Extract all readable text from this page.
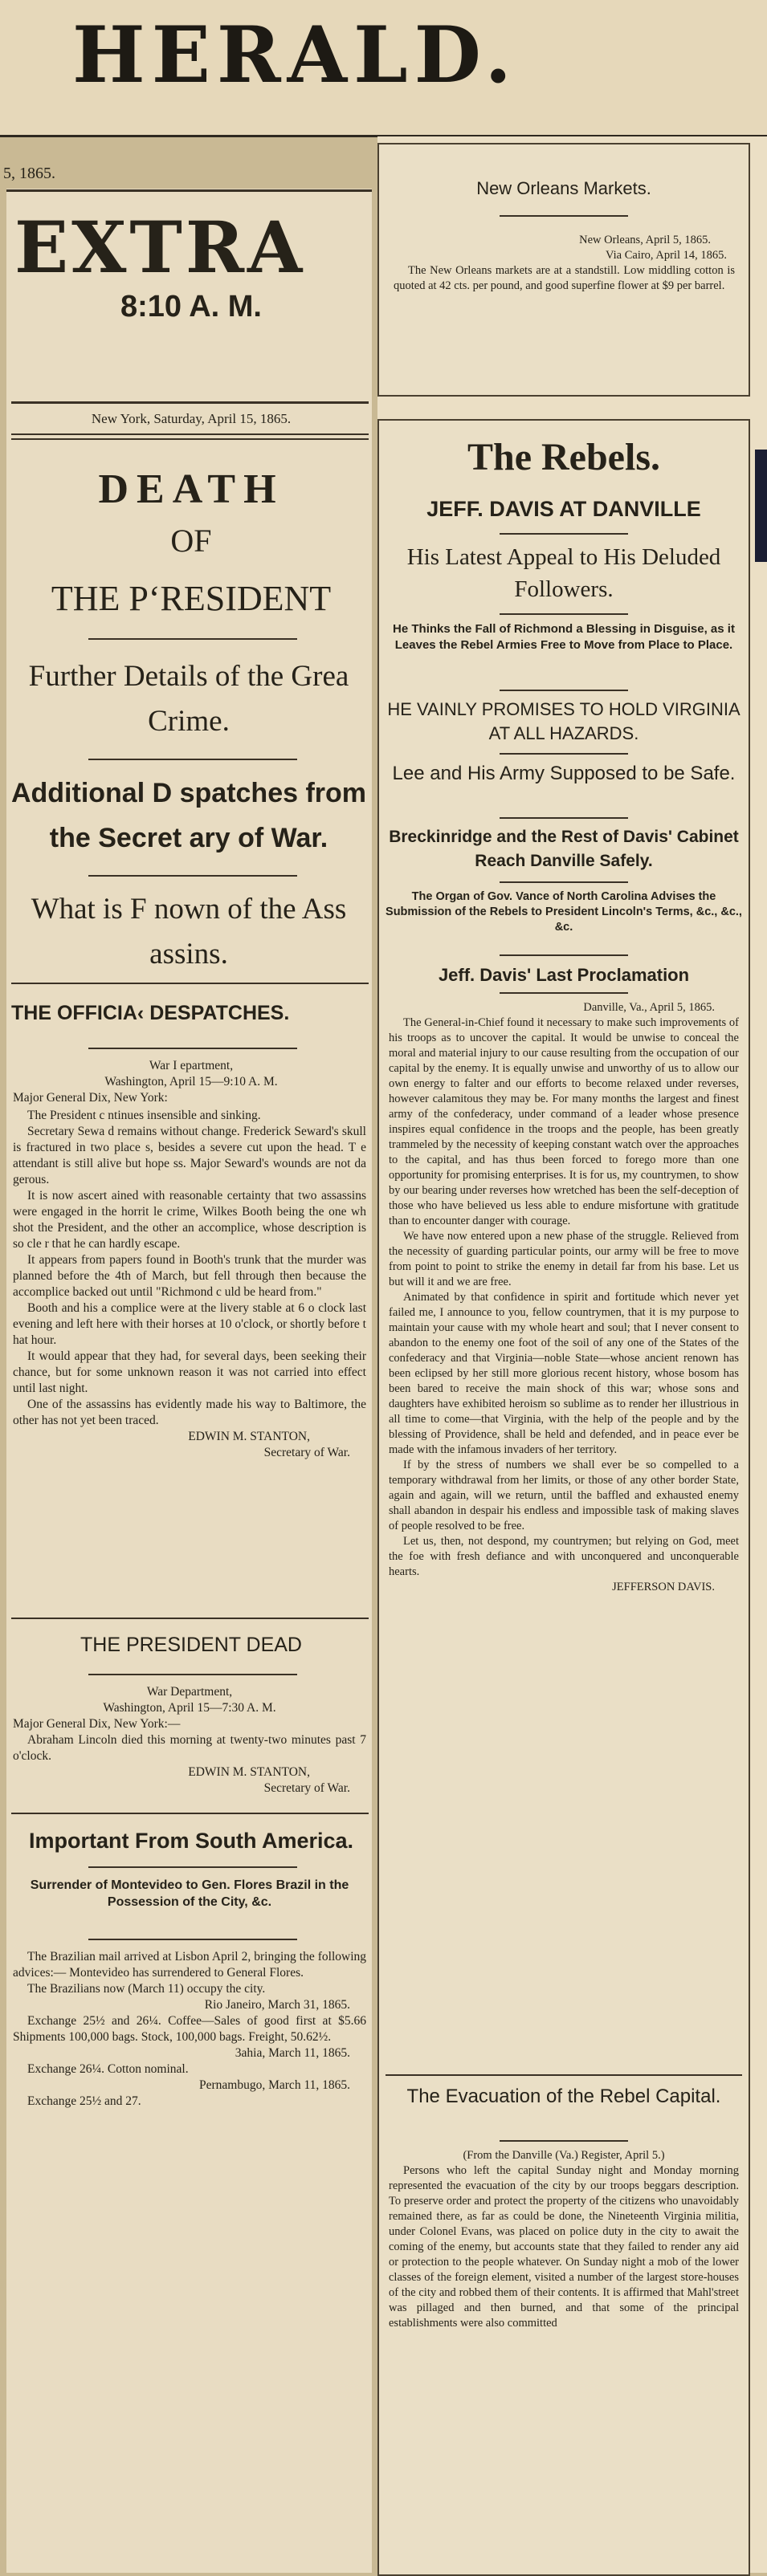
HERALD.
5, 1865.
EXTRA
8:10 A. M.
New York, Saturday, April 15, 1865.
DEATH
OF
THE P‘RESIDENT
Further Details of the Grea Crime.
Additional D spatches from the Secret ary of War.
What is F nown of the Ass assins.
THE OFFICIA‹ DESPATCHES.
War I epartment,
Washington, April 15—9:10 A. M.
Major General Dix, New York:

The President c ntinues insensible and sinking.

Secretary Sewa d remains without change. Frederick Seward's skull is fractured in two place s, besides a severe cut upon the head. T e attendant is still alive but hope ss. Major Seward's wounds are not da gerous.

It is now ascert ained with reasonable certainty that two assassins were engaged in the horrit le crime, Wilkes Booth being the one wh shot the President, and the other an accomplice, whose description is so cle r that he can hardly escape.

It appears from papers found in Booth's trunk that the murder was planned before the 4th of March, but fell through then because the accomplice backed out until "Richmond c uld be heard from."

Booth and his a complice were at the livery stable at 6 o clock last evening and left here with their horses at 10 o'clock, or shortly before t hat hour.

It would appear that they had, for several days, been seeking their chance, but for some unknown reason it was not carried into effect until last night.

One of the assassins has evidently made his way to Baltimore, the other has not yet been traced.

EDWIN M. STANTON,
Secretary of War.
THE PRESIDENT DEAD
War Department,
Washington, April 15—7:30 A. M.
Major General Dix, New York:—

Abraham Lincoln died this morning at twenty-two minutes past 7 o'clock.

EDWIN M. STANTON,
Secretary of War.
Important From South America.
Surrender of Montevideo to Gen. Flores Brazil in the Possession of the City, &c.

The Brazilian mail arrived at Lisbon April 2, bringing the following advices:— Montevideo has surrendered to General Flores.

The Brazilians now (March 11) occupy the city.

Rio Janeiro, March 31, 1865.

Exchange 25½ and 26¼. Coffee—Sales of good first at $5.66 Shipments 100,000 bags. Stock, 100,000 bags. Freight, 50.62½.

3ahia, March 11, 1865.

Exchange 26¼. Cotton nominal.

Pernambugo, March 11, 1865.

Exchange 25½ and 27.

New Orleans Markets.
New Orleans, April 5, 1865.
Via Cairo, April 14, 1865.

The New Orleans markets are at a standstill. Low middling cotton is quoted at 42 cts. per pound, and good superfine flower at $9 per barrel.

The Rebels.
JEFF. DAVIS AT DANVILLE
His Latest Appeal to His Deluded Followers.
He Thinks the Fall of Richmond a Blessing in Disguise, as it Leaves the Rebel Armies Free to Move from Place to Place.
HE VAINLY PROMISES TO HOLD VIRGINIA AT ALL HAZARDS.
Lee and His Army Supposed to be Safe.
Breckinridge and the Rest of Davis' Cabinet Reach Danville Safely.
The Organ of Gov. Vance of North Carolina Advises the Submission of the Rebels to President Lincoln's Terms, &c., &c., &c.
Jeff. Davis' Last Proclamation
Danville, Va., April 5, 1865.

The General-in-Chief found it necessary to make such improvements of his troops as to uncover the capital. It would be unwise to conceal the moral and material injury to our cause resulting from the occupation of our capital by the enemy. It is equally unwise and unworthy of us to allow our own energy to falter and our efforts to become relaxed under reverses, however calamitous they may be. For many months the largest and finest army of the confederacy, under command of a leader whose presence inspires equal confidence in the troops and the people, has been greatly trammeled by the necessity of keeping constant watch over the approaches to the capital, and has thus been forced to forego more than one opportunity for promising enterprises. It is for us, my countrymen, to show by our bearing under reverses how wretched has been the self-deception of those who have believed us less able to endure misfortune with gratitude than to encounter danger with courage.

We have now entered upon a new phase of the struggle. Relieved from the necessity of guarding particular points, our army will be free to move from point to point to strike the enemy in detail far from his base. Let us but will it and we are free.

Animated by that confidence in spirit and fortitude which never yet failed me, I announce to you, fellow countrymen, that it is my purpose to maintain your cause with my whole heart and soul; that I never consent to abandon to the enemy one foot of the soil of any one of the States of the confederacy and that Virginia—noble State—whose ancient renown has been eclipsed by her still more glorious recent history, whose bosom has been bared to receive the main shock of this war; whose sons and daughters have exhibited heroism so sublime as to render her illustrious in all time to come—that Virginia, with the help of the people and by the blessing of Providence, shall be held and defended, and in peace ever be made with the infamous invaders of her territory.

If by the stress of numbers we shall ever be so compelled to a temporary withdrawal from her limits, or those of any other border State, again and again, will we return, until the baffled and exhausted enemy shall abandon in despair his endless and impossible task of making slaves of people resolved to be free.

Let us, then, not despond, my countrymen; but relying on God, meet the foe with fresh defiance and with unconquered and unconquerable hearts.

JEFFERSON DAVIS.
The Evacuation of the Rebel Capital.
(From the Danville (Va.) Register, April 5.)

Persons who left the capital Sunday night and Monday morning represented the evacuation of the city by our troops beggars description. To preserve order and protect the property of the citizens who unavoidably remained there, as far as could be done, the Nineteenth Virginia militia, under Colonel Evans, was placed on police duty in the city to await the coming of the enemy, but accounts state that they failed to render any aid or protection to the people whatever. On Sunday night a mob of the lower classes of the foreign element, visited a number of the largest store-houses of the city and robbed them of their contents. It is affirmed that Mahl'street was pillaged and then burned, and that some of the principal establishments were also committed
